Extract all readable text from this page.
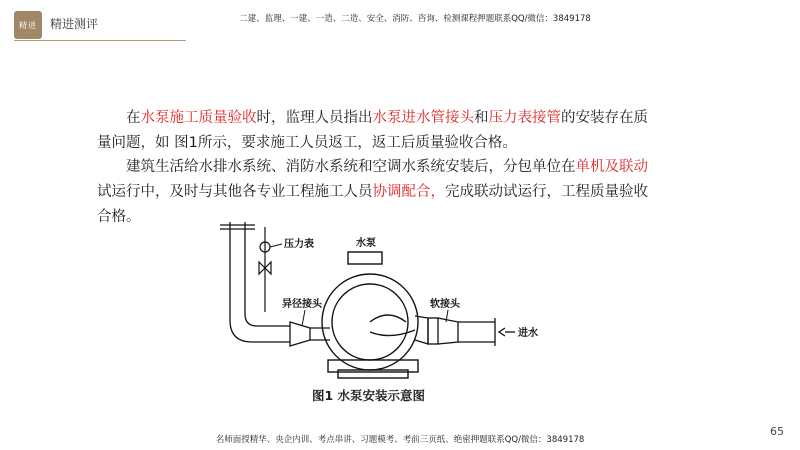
精进 精进测评	二建、监理、一建、一造、二造、安全、消防、咨询、检测课程押题联系QQ/微信：3849178
在水泵施工质量验收时，监理人员指出水泵进水管接头和压力表接管的安装存在质量问题，如 图1所示，要求施工人员返工，返工后质量验收合格。
建筑生活给水排水系统、消防水系统和空调水系统安装后，分包单位在单机及联动试运行中，及时与其他各专业工程施工人员协调配合，完成联动试运行，工程质量验收合格。
压力表	水泵
异径接头	软接头
进水
图1 水泵安装示意图
65
名师面授精华、央企内训、考点串讲、习题模考、考前三页纸、绝密押题联系QQ/微信：3849178
